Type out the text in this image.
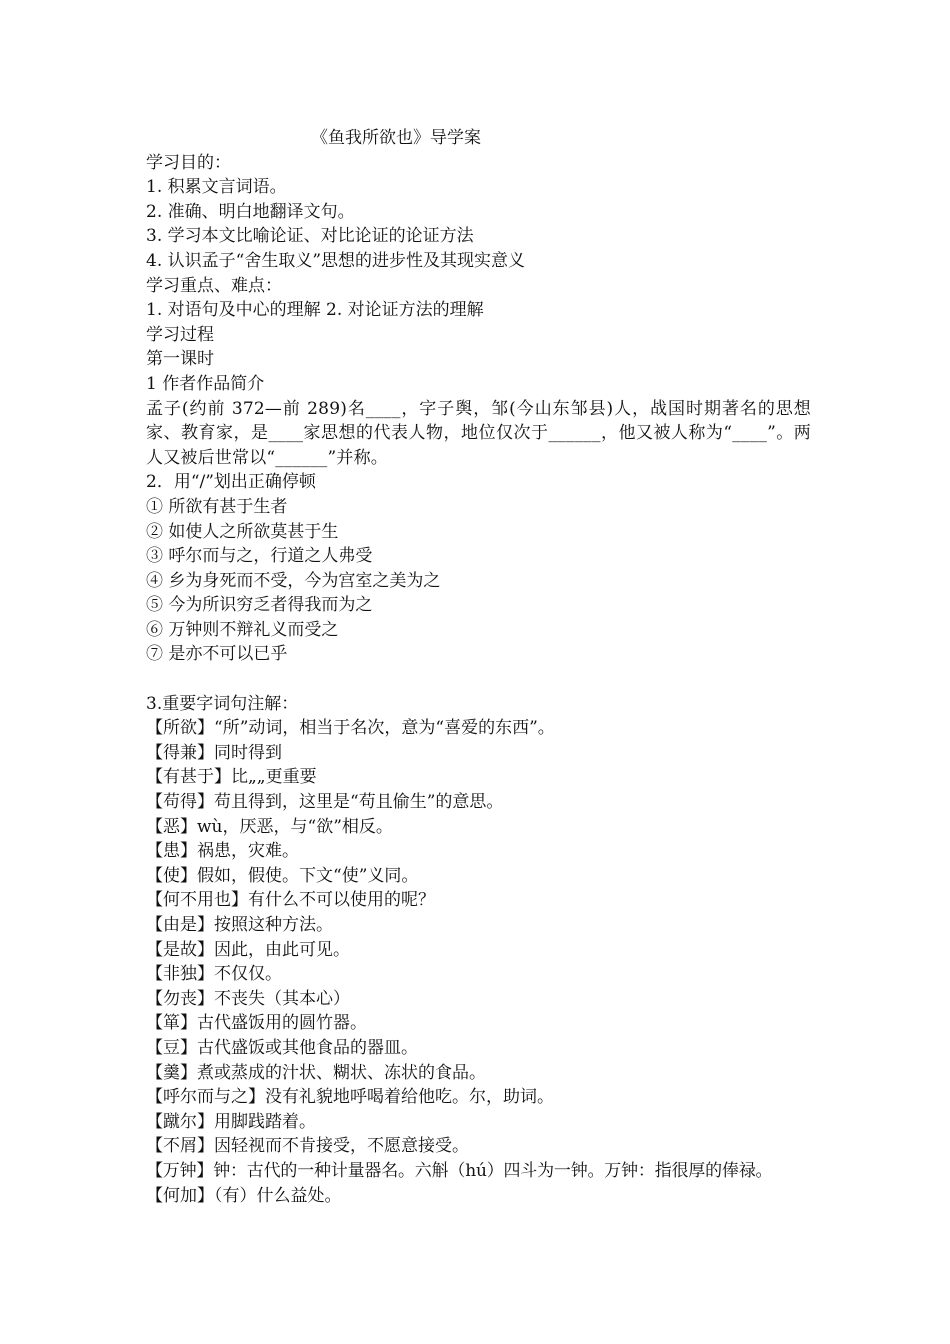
《鱼我所欲也》导学案

学习目的：

1. 积累文言词语。

2. 准确、明白地翻译文句。

3. 学习本文比喻论证、对比论证的论证方法

4. 认识孟子“舍生取义”思想的进步性及其现实意义

学习重点、难点：

1. 对语句及中心的理解 2. 对论证方法的理解

学习过程

第一课时

1 作者作品简介

孟子(约前 372—前 289)名____，字子舆，邹(今山东邹县)人，战国时期著名的思想家、教育家，是____家思想的代表人物，地位仅次于______，他又被人称为“____”。两人又被后世常以“______”并称。

2．用“/”划出正确停顿

① 所欲有甚于生者

② 如使人之所欲莫甚于生

③ 呼尔而与之，行道之人弗受

④ 乡为身死而不受，今为宫室之美为之

⑤ 今为所识穷乏者得我而为之

⑥ 万钟则不辩礼义而受之

⑦ 是亦不可以已乎

3.重要字词句注解：

【所欲】“所”动词，相当于名次，意为“喜爱的东西”。

【得兼】同时得到

【有甚于】比„„更重要

【苟得】苟且得到，这里是“苟且偷生”的意思。

【恶】wù，厌恶，与“欲”相反。

【患】祸患，灾难。

【使】假如，假使。下文“使”义同。

【何不用也】有什么不可以使用的呢？

【由是】按照这种方法。

【是故】因此，由此可见。

【非独】不仅仅。

【勿丧】不丧失（其本心）

【箪】古代盛饭用的圆竹器。

【豆】古代盛饭或其他食品的器皿。

【羹】煮或蒸成的汁状、糊状、冻状的食品。

【呼尔而与之】没有礼貌地呼喝着给他吃。尔，助词。

【蹴尔】用脚践踏着。

【不屑】因轻视而不肯接受，不愿意接受。

【万钟】钟：古代的一种计量器名。六斛（hú）四斗为一钟。万钟：指很厚的俸禄。

【何加】（有）什么益处。
